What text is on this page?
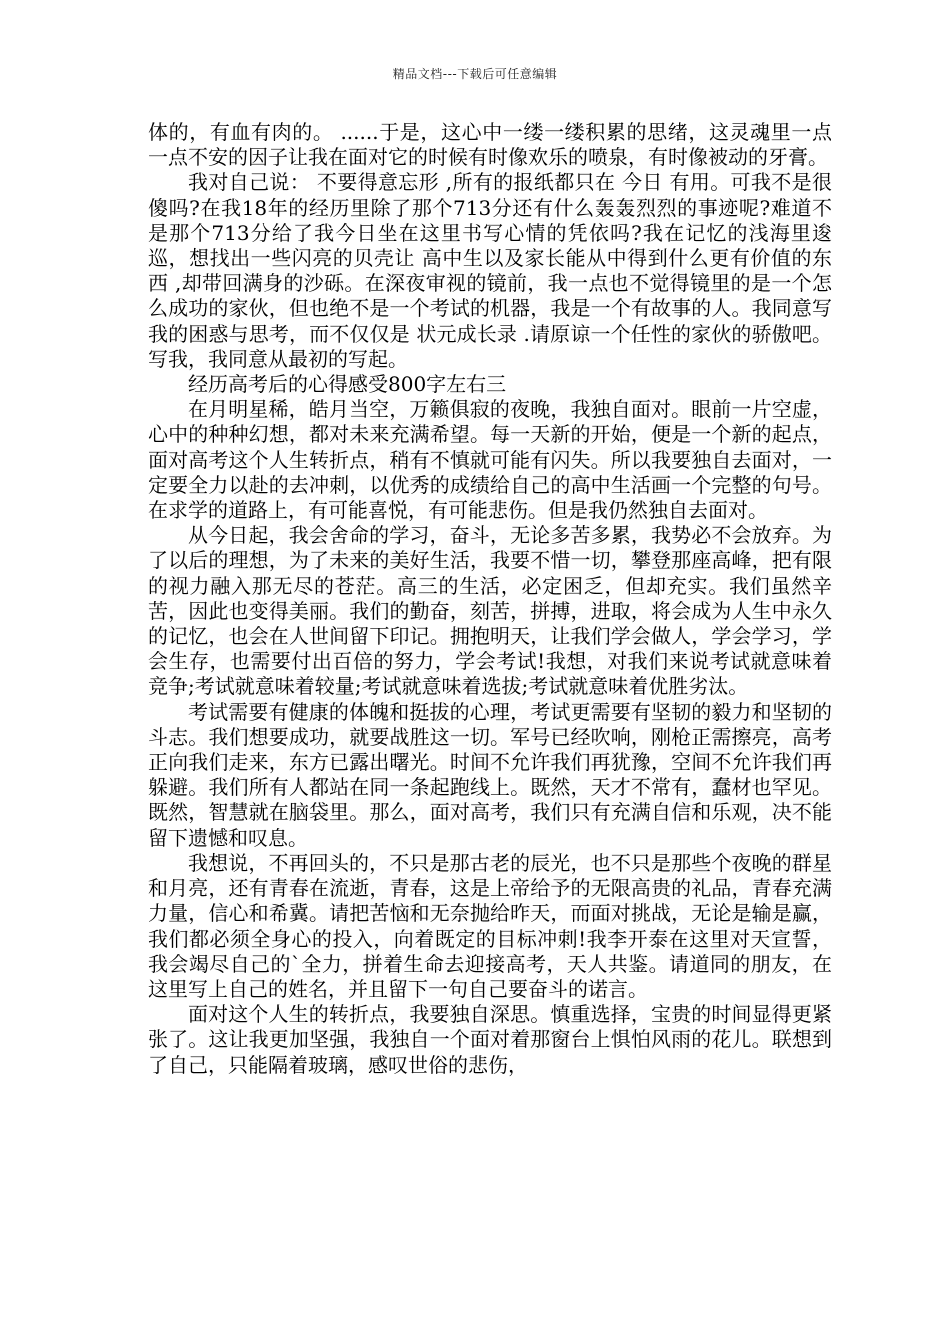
精品文档---下载后可任意编辑

体的，有血有肉的。 ......于是，这心中一缕一缕积累的思绪，这灵魂里一点一点不安的因子让我在面对它的时候有时像欢乐的喷泉，有时像被动的牙膏。

我对自己说： 不要得意忘形 ,所有的报纸都只在 今日 有用。可我不是很傻吗?在我18年的经历里除了那个713分还有什么轰轰烈烈的事迹呢?难道不是那个713分给了我今日坐在这里书写心情的凭依吗?我在记忆的浅海里逡巡，想找出一些闪亮的贝壳让 高中生以及家长能从中得到什么更有价值的东西 ,却带回满身的沙砾。在深夜审视的镜前，我一点也不觉得镜里的是一个怎么成功的家伙，但也绝不是一个考试的机器，我是一个有故事的人。我同意写我的困惑与思考，而不仅仅是 状元成长录 .请原谅一个任性的家伙的骄傲吧。写我，我同意从最初的写起。

经历高考后的心得感受800字左右三

在月明星稀，皓月当空，万籁俱寂的夜晚，我独自面对。眼前一片空虚，心中的种种幻想，都对未来充满希望。每一天新的开始，便是一个新的起点，面对高考这个人生转折点，稍有不慎就可能有闪失。所以我要独自去面对，一定要全力以赴的去冲刺，以优秀的成绩给自己的高中生活画一个完整的句号。在求学的道路上，有可能喜悦，有可能悲伤。但是我仍然独自去面对。

从今日起，我会舍命的学习，奋斗，无论多苦多累，我势必不会放弃。为了以后的理想，为了未来的美好生活，我要不惜一切，攀登那座高峰，把有限的视力融入那无尽的苍茫。高三的生活，必定困乏，但却充实。我们虽然辛苦，因此也变得美丽。我们的勤奋，刻苦，拼搏，进取，将会成为人生中永久的记忆，也会在人世间留下印记。拥抱明天，让我们学会做人，学会学习，学会生存，也需要付出百倍的努力，学会考试!我想，对我们来说考试就意味着竞争;考试就意味着较量;考试就意味着选拔;考试就意味着优胜劣汰。

考试需要有健康的体魄和挺拔的心理，考试更需要有坚韧的毅力和坚韧的斗志。我们想要成功，就要战胜这一切。军号已经吹响，刚枪正需擦亮，高考正向我们走来，东方已露出曙光。时间不允许我们再犹豫，空间不允许我们再躲避。我们所有人都站在同一条起跑线上。既然，天才不常有，蠢材也罕见。既然，智慧就在脑袋里。那么，面对高考，我们只有充满自信和乐观，决不能留下遗憾和叹息。

我想说，不再回头的，不只是那古老的辰光，也不只是那些个夜晚的群星和月亮，还有青春在流逝，青春，这是上帝给予的无限高贵的礼品，青春充满力量，信心和希冀。请把苦恼和无奈抛给昨天，而面对挑战，无论是输是赢，我们都必须全身心的投入，向着既定的目标冲刺!我李开泰在这里对天宣誓，我会竭尽自己的`全力，拼着生命去迎接高考，天人共鉴。请道同的朋友，在这里写上自己的姓名，并且留下一句自己要奋斗的诺言。

面对这个人生的转折点，我要独自深思。慎重选择，宝贵的时间显得更紧张了。这让我更加坚强，我独自一个面对着那窗台上惧怕风雨的花儿。联想到了自己，只能隔着玻璃，感叹世俗的悲伤，
